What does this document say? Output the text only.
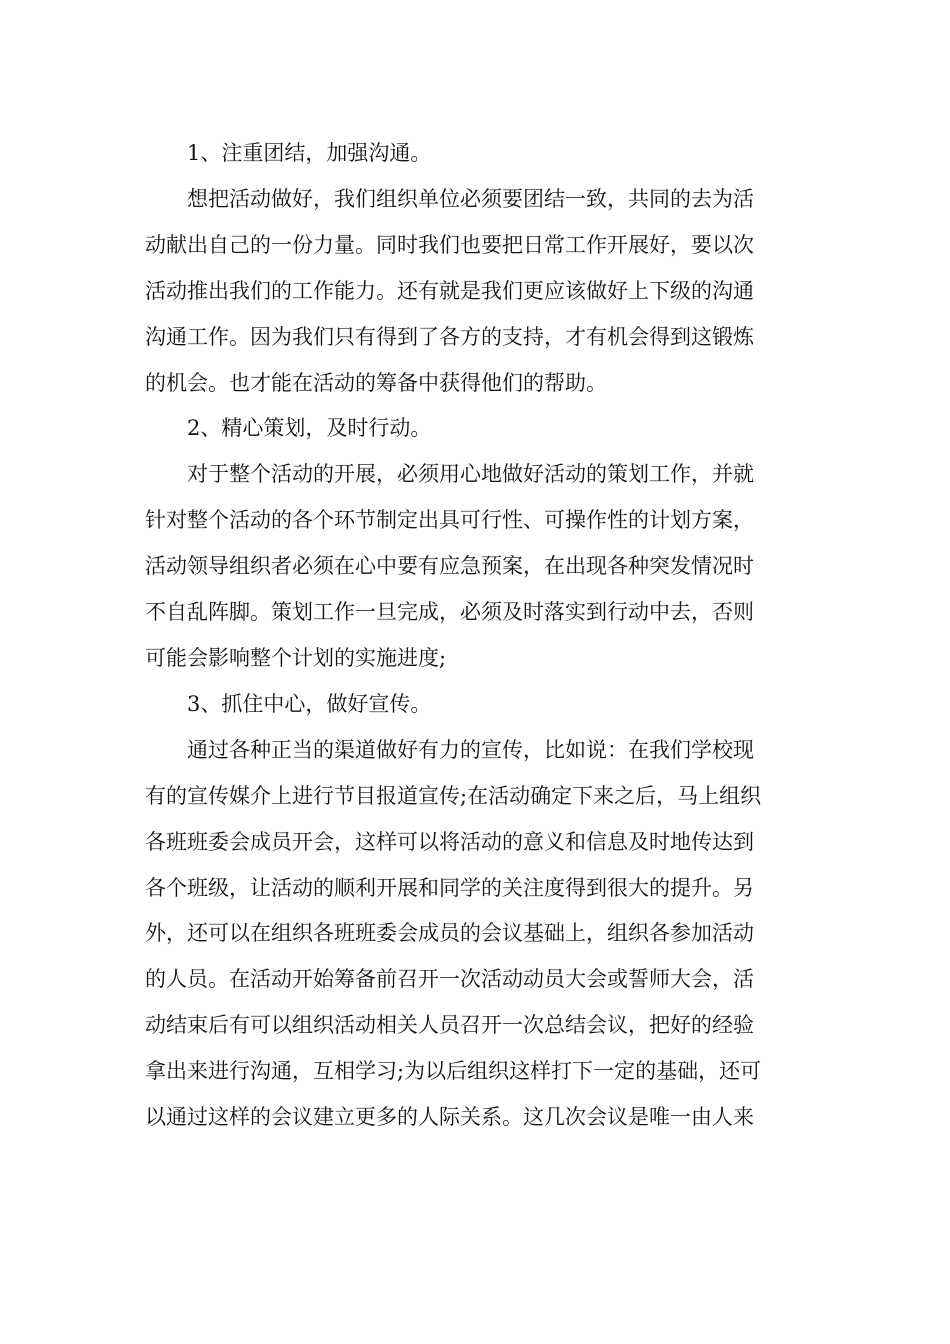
1、注重团结，加强沟通。

想把活动做好，我们组织单位必须要团结一致，共同的去为活
动献出自己的一份力量。同时我们也要把日常工作开展好，要以次
活动推出我们的工作能力。还有就是我们更应该做好上下级的沟通
沟通工作。因为我们只有得到了各方的支持，才有机会得到这锻炼
的机会。也才能在活动的筹备中获得他们的帮助。

2、精心策划，及时行动。

对于整个活动的开展，必须用心地做好活动的策划工作，并就
针对整个活动的各个环节制定出具可行性、可操作性的计划方案，
活动领导组织者必须在心中要有应急预案，在出现各种突发情况时
不自乱阵脚。策划工作一旦完成，必须及时落实到行动中去，否则
可能会影响整个计划的实施进度;

3、抓住中心，做好宣传。

通过各种正当的渠道做好有力的宣传，比如说：在我们学校现
有的宣传媒介上进行节目报道宣传;在活动确定下来之后，马上组织
各班班委会成员开会，这样可以将活动的意义和信息及时地传达到
各个班级，让活动的顺利开展和同学的关注度得到很大的提升。另
外，还可以在组织各班班委会成员的会议基础上，组织各参加活动
的人员。在活动开始筹备前召开一次活动动员大会或誓师大会，活
动结束后有可以组织活动相关人员召开一次总结会议，把好的经验
拿出来进行沟通，互相学习;为以后组织这样打下一定的基础，还可
以通过这样的会议建立更多的人际关系。这几次会议是唯一由人来
